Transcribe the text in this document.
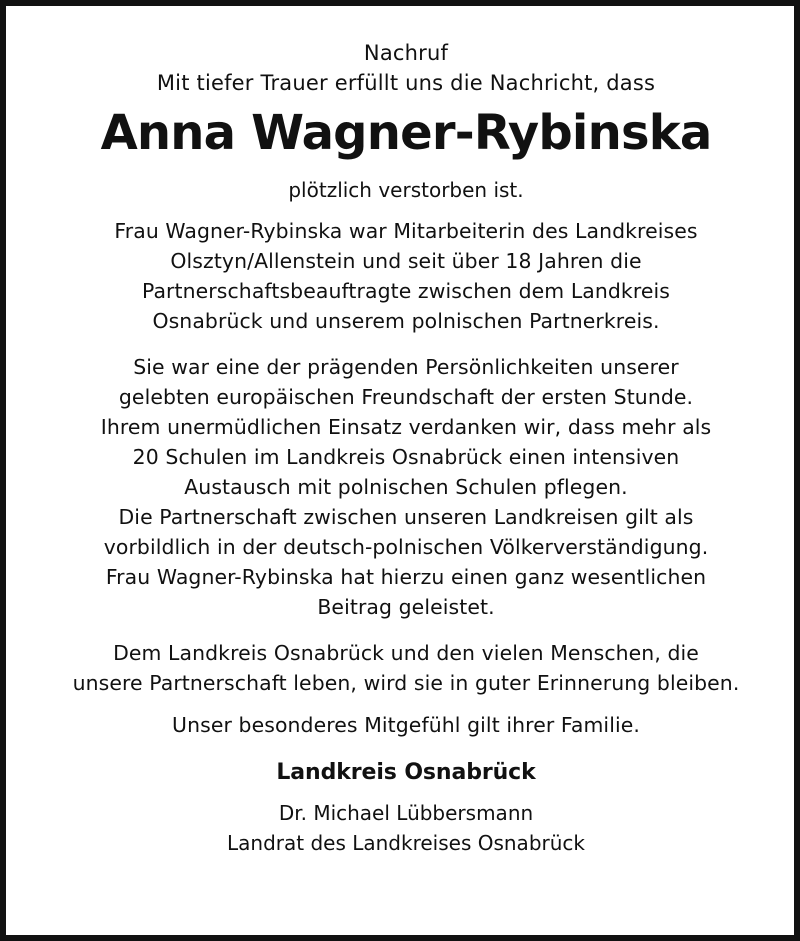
Nachruf
Mit tiefer Trauer erfüllt uns die Nachricht, dass
Anna Wagner-Rybinska
plötzlich verstorben ist.
Frau Wagner-Rybinska war Mitarbeiterin des Landkreises
Olsztyn/Allenstein und seit über 18 Jahren die
Partnerschaftsbeauftragte zwischen dem Landkreis
Osnabrück und unserem polnischen Partnerkreis.
Sie war eine der prägenden Persönlichkeiten unserer
gelebten europäischen Freundschaft der ersten Stunde.
Ihrem unermüdlichen Einsatz verdanken wir, dass mehr als
20 Schulen im Landkreis Osnabrück einen intensiven
Austausch mit polnischen Schulen pflegen.
Die Partnerschaft zwischen unseren Landkreisen gilt als
vorbildlich in der deutsch-polnischen Völkerverständigung.
Frau Wagner-Rybinska hat hierzu einen ganz wesentlichen
Beitrag geleistet.
Dem Landkreis Osnabrück und den vielen Menschen, die
unsere Partnerschaft leben, wird sie in guter Erinnerung bleiben.
Unser besonderes Mitgefühl gilt ihrer Familie.
Landkreis Osnabrück
Dr. Michael Lübbersmann
Landrat des Landkreises Osnabrück
